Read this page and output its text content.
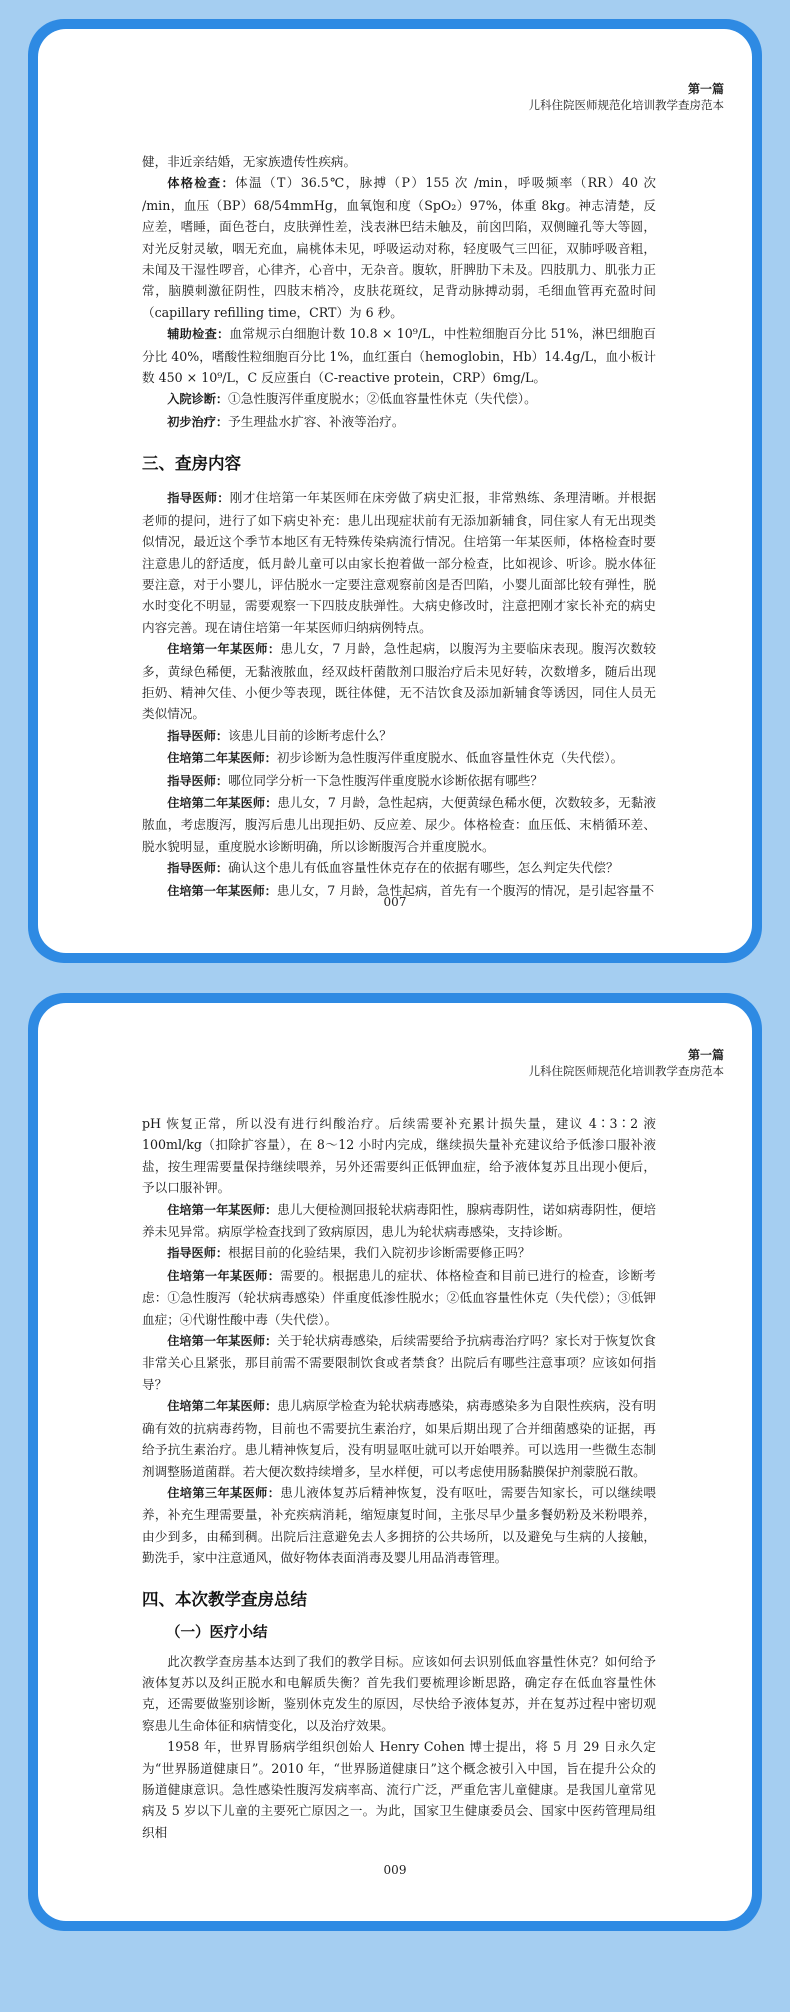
第一篇
儿科住院医师规范化培训教学查房范本

健，非近亲结婚，无家族遗传性疾病。

体格检查：体温（T）36.5℃，脉搏（P）155 次 /min，呼吸频率（RR）40 次 /min，血压（BP）68/54mmHg，血氧饱和度（SpO₂）97%，体重 8kg。神志清楚，反应差，嗜睡，面色苍白，皮肤弹性差，浅表淋巴结未触及，前囟凹陷，双侧瞳孔等大等圆，对光反射灵敏，咽无充血，扁桃体未见，呼吸运动对称，轻度吸气三凹征，双肺呼吸音粗，未闻及干湿性啰音，心律齐，心音中，无杂音。腹软，肝脾肋下未及。四肢肌力、肌张力正常，脑膜刺激征阴性，四肢末梢冷，皮肤花斑纹，足背动脉搏动弱，毛细血管再充盈时间（capillary refilling time，CRT）为 6 秒。

辅助检查：血常规示白细胞计数 10.8 × 10⁹/L，中性粒细胞百分比 51%，淋巴细胞百分比 40%，嗜酸性粒细胞百分比 1%，血红蛋白（hemoglobin，Hb）14.4g/L，血小板计数 450 × 10⁹/L，C 反应蛋白（C-reactive protein，CRP）6mg/L。

入院诊断：①急性腹泻伴重度脱水；②低血容量性休克（失代偿）。

初步治疗：予生理盐水扩容、补液等治疗。

三、查房内容

指导医师：刚才住培第一年某医师在床旁做了病史汇报，非常熟练、条理清晰。并根据老师的提问，进行了如下病史补充：患儿出现症状前有无添加新辅食，同住家人有无出现类似情况，最近这个季节本地区有无特殊传染病流行情况。住培第一年某医师，体格检查时要注意患儿的舒适度，低月龄儿童可以由家长抱着做一部分检查，比如视诊、听诊。脱水体征要注意，对于小婴儿，评估脱水一定要注意观察前囟是否凹陷，小婴儿面部比较有弹性，脱水时变化不明显，需要观察一下四肢皮肤弹性。大病史修改时，注意把刚才家长补充的病史内容完善。现在请住培第一年某医师归纳病例特点。

住培第一年某医师：患儿女，7 月龄，急性起病，以腹泻为主要临床表现。腹泻次数较多，黄绿色稀便，无黏液脓血，经双歧杆菌散剂口服治疗后未见好转，次数增多，随后出现拒奶、精神欠佳、小便少等表现，既往体健，无不洁饮食及添加新辅食等诱因，同住人员无类似情况。

指导医师：该患儿目前的诊断考虑什么？

住培第二年某医师：初步诊断为急性腹泻伴重度脱水、低血容量性休克（失代偿）。

指导医师：哪位同学分析一下急性腹泻伴重度脱水诊断依据有哪些？

住培第二年某医师：患儿女，7 月龄，急性起病，大便黄绿色稀水便，次数较多，无黏液脓血，考虑腹泻，腹泻后患儿出现拒奶、反应差、尿少。体格检查：血压低、末梢循环差、脱水貌明显，重度脱水诊断明确，所以诊断腹泻合并重度脱水。

指导医师：确认这个患儿有低血容量性休克存在的依据有哪些，怎么判定失代偿？

住培第一年某医师：患儿女，7 月龄，急性起病，首先有一个腹泻的情况，是引起容量不

007
第一篇
儿科住院医师规范化培训教学查房范本

pH 恢复正常，所以没有进行纠酸治疗。后续需要补充累计损失量，建议 4∶3∶2 液 100ml/kg（扣除扩容量），在 8～12 小时内完成，继续损失量补充建议给予低渗口服补液盐，按生理需要量保持继续喂养，另外还需要纠正低钾血症，给予液体复苏且出现小便后，予以口服补钾。

住培第一年某医师：患儿大便检测回报轮状病毒阳性，腺病毒阴性，诺如病毒阴性，便培养未见异常。病原学检查找到了致病原因，患儿为轮状病毒感染，支持诊断。

指导医师：根据目前的化验结果，我们入院初步诊断需要修正吗？

住培第一年某医师：需要的。根据患儿的症状、体格检查和目前已进行的检查，诊断考虑：①急性腹泻（轮状病毒感染）伴重度低渗性脱水；②低血容量性休克（失代偿）；③低钾血症；④代谢性酸中毒（失代偿）。

住培第一年某医师：关于轮状病毒感染，后续需要给予抗病毒治疗吗？家长对于恢复饮食非常关心且紧张，那目前需不需要限制饮食或者禁食？出院后有哪些注意事项？应该如何指导？

住培第二年某医师：患儿病原学检查为轮状病毒感染，病毒感染多为自限性疾病，没有明确有效的抗病毒药物，目前也不需要抗生素治疗，如果后期出现了合并细菌感染的证据，再给予抗生素治疗。患儿精神恢复后，没有明显呕吐就可以开始喂养。可以选用一些微生态制剂调整肠道菌群。若大便次数持续增多，呈水样便，可以考虑使用肠黏膜保护剂蒙脱石散。

住培第三年某医师：患儿液体复苏后精神恢复，没有呕吐，需要告知家长，可以继续喂养，补充生理需要量，补充疾病消耗，缩短康复时间，主张尽早少量多餐奶粉及米粉喂养，由少到多，由稀到稠。出院后注意避免去人多拥挤的公共场所，以及避免与生病的人接触，勤洗手，家中注意通风，做好物体表面消毒及婴儿用品消毒管理。

四、本次教学查房总结
（一）医疗小结

此次教学查房基本达到了我们的教学目标。应该如何去识别低血容量性休克？如何给予液体复苏以及纠正脱水和电解质失衡？首先我们要梳理诊断思路，确定存在低血容量性休克，还需要做鉴别诊断，鉴别休克发生的原因，尽快给予液体复苏，并在复苏过程中密切观察患儿生命体征和病情变化，以及治疗效果。

1958 年，世界胃肠病学组织创始人 Henry Cohen 博士提出，将 5 月 29 日永久定为“世界肠道健康日”。2010 年，“世界肠道健康日”这个概念被引入中国，旨在提升公众的肠道健康意识。急性感染性腹泻发病率高、流行广泛，严重危害儿童健康。是我国儿童常见病及 5 岁以下儿童的主要死亡原因之一。为此，国家卫生健康委员会、国家中医药管理局组织相

009
